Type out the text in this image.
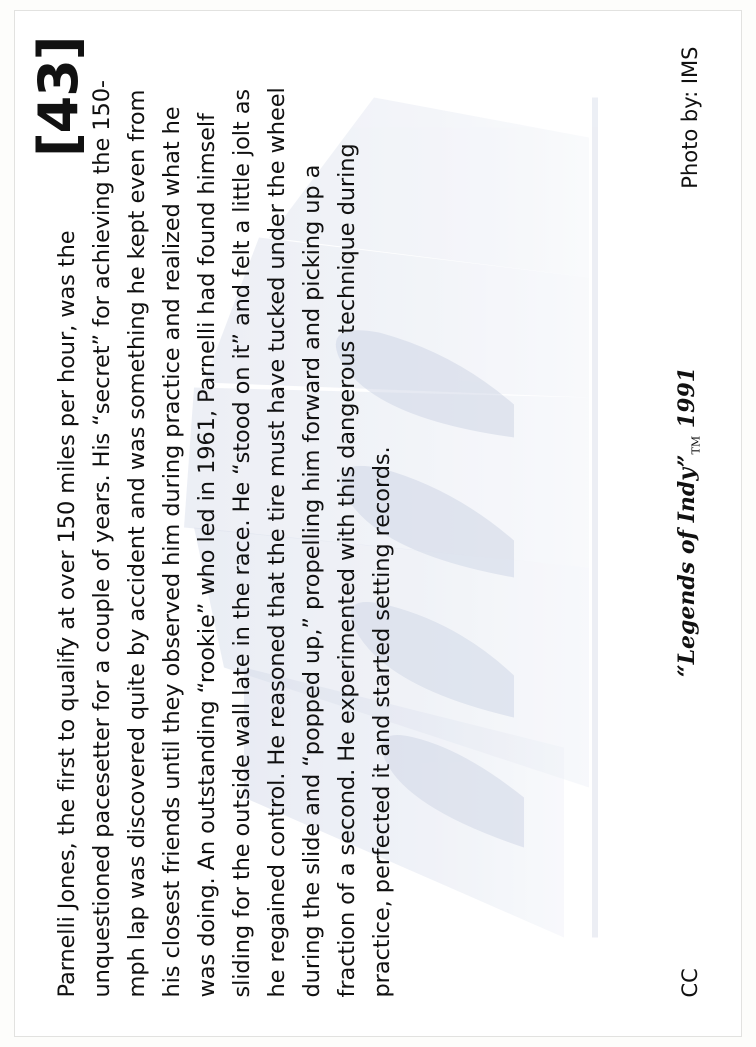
[43]

Parnelli Jones, the first to qualify at over 150 miles per hour, was the unquestioned pacesetter for a couple of years. His “secret” for achieving the 150-mph lap was discovered quite by accident and was something he kept even from his closest friends until they observed him during practice and realized what he was doing. An outstanding “rookie” who led in 1961, Parnelli had found himself sliding for the outside wall late in the race. He “stood on it” and felt a little jolt as he regained control. He reasoned that the tire must have tucked under the wheel during the slide and “popped up,” propelling him forward and picking up a fraction of a second. He experimented with this dangerous technique during practice, perfected it and started setting records.	CC
“Legends of $Indy”_{TM}$ 1991
Photo by: IMS
